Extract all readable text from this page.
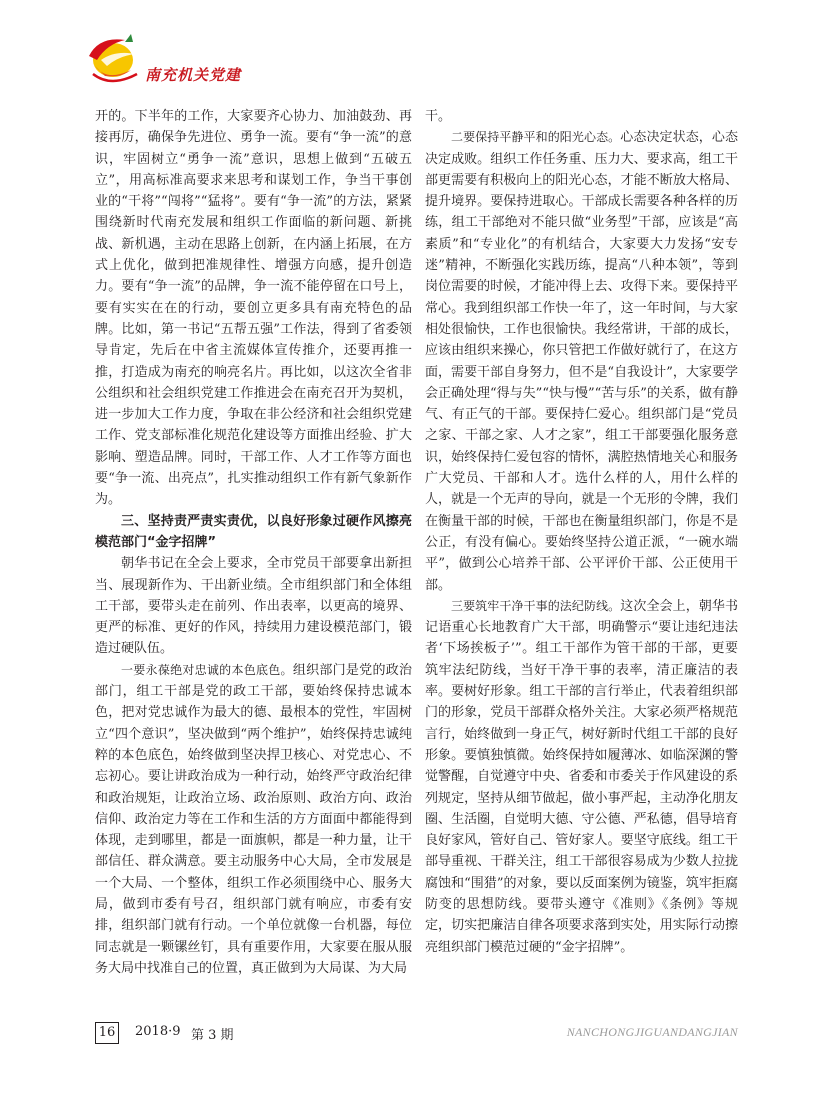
南充机关党建

开的。下半年的工作，大家要齐心协力、加油鼓劲、再接再厉，确保争先进位、勇争一流。要有“争一流”的意识，牢固树立“勇争一流”意识，思想上做到“五破五立”，用高标准高要求来思考和谋划工作，争当干事创业的“干将”“闯将”“猛将”。要有“争一流”的方法，紧紧围绕新时代南充发展和组织工作面临的新问题、新挑战、新机遇，主动在思路上创新，在内涵上拓展，在方式上优化，做到把准规律性、增强方向感，提升创造力。要有“争一流”的品牌，争一流不能停留在口号上，要有实实在在的行动，要创立更多具有南充特色的品牌。比如，第一书记“五帮五强”工作法，得到了省委领导肯定，先后在中省主流媒体宣传推介，还要再推一推，打造成为南充的响亮名片。再比如，以这次全省非公组织和社会组织党建工作推进会在南充召开为契机，进一步加大工作力度，争取在非公经济和社会组织党建工作、党支部标准化规范化建设等方面推出经验、扩大影响、塑造品牌。同时，干部工作、人才工作等方面也要“争一流、出亮点”，扎实推动组织工作有新气象新作为。

三、坚持责严责实责优，以良好形象过硬作风擦亮模范部门“金字招牌”

朝华书记在全会上要求，全市党员干部要拿出新担当、展现新作为、干出新业绩。全市组织部门和全体组工干部，要带头走在前列、作出表率，以更高的境界、更严的标准、更好的作风，持续用力建设模范部门，锻造过硬队伍。

一要永葆绝对忠诚的本色底色。组织部门是党的政治部门，组工干部是党的政工干部，要始终保持忠诚本色，把对党忠诚作为最大的德、最根本的党性，牢固树立“四个意识”，坚决做到“两个维护”，始终保持忠诚纯粹的本色底色，始终做到坚决捍卫核心、对党忠心、不忘初心。要让讲政治成为一种行动，始终严守政治纪律和政治规矩，让政治立场、政治原则、政治方向、政治信仰、政治定力等在工作和生活的方方面面中都能得到体现，走到哪里，都是一面旗帜，都是一种力量，让干部信任、群众满意。要主动服务中心大局，全市发展是一个大局、一个整体，组织工作必须围绕中心、服务大局，做到市委有号召，组织部门就有响应，市委有安排，组织部门就有行动。一个单位就像一台机器，每位同志就是一颗镙丝钉，具有重要作用，大家要在服从服务大局中找准自己的位置，真正做到为大局谋、为大局

干。

二要保持平静平和的阳光心态。心态决定状态，心态决定成败。组织工作任务重、压力大、要求高，组工干部更需要有积极向上的阳光心态，才能不断放大格局、提升境界。要保持进取心。干部成长需要各种各样的历练，组工干部绝对不能只做“业务型”干部，应该是“高素质”和“专业化”的有机结合，大家要大力发扬“安专迷”精神，不断强化实践历练，提高“八种本领”，等到岗位需要的时候，才能冲得上去、攻得下来。要保持平常心。我到组织部工作快一年了，这一年时间，与大家相处很愉快，工作也很愉快。我经常讲，干部的成长，应该由组织来操心，你只管把工作做好就行了，在这方面，需要干部自身努力，但不是“自我设计”，大家要学会正确处理“得与失”“快与慢”“苦与乐”的关系，做有静气、有正气的干部。要保持仁爱心。组织部门是“党员之家、干部之家、人才之家”，组工干部要强化服务意识，始终保持仁爱包容的情怀，满腔热情地关心和服务广大党员、干部和人才。选什么样的人，用什么样的人，就是一个无声的导向，就是一个无形的令牌，我们在衡量干部的时候，干部也在衡量组织部门，你是不是公正，有没有偏心。要始终坚持公道正派，“一碗水端平”，做到公心培养干部、公平评价干部、公正使用干部。

三要筑牢干净干事的法纪防线。这次全会上，朝华书记语重心长地教育广大干部，明确警示“要让违纪违法者‘下场挨板子’”。组工干部作为管干部的干部，更要筑牢法纪防线，当好干净干事的表率，清正廉洁的表率。要树好形象。组工干部的言行举止，代表着组织部门的形象，党员干部群众格外关注。大家必须严格规范言行，始终做到一身正气，树好新时代组工干部的良好形象。要慎独慎微。始终保持如履薄冰、如临深渊的警觉警醒，自觉遵守中央、省委和市委关于作风建设的系列规定，坚持从细节做起，做小事严起，主动净化朋友圈、生活圈，自觉明大德、守公德、严私德，倡导培育良好家风，管好自己、管好家人。要坚守底线。组工干部导重视、干群关注，组工干部很容易成为少数人拉拢腐蚀和“围猎”的对象，要以反面案例为镜鉴，筑牢拒腐防变的思想防线。要带头遵守《准则》《条例》等规定，切实把廉洁自律各项要求落到实处，用实际行动擦亮组织部门模范过硬的“金字招牌”。

16 2018·9 第 3 期	NANCHONGJIGUANDANGJIAN
